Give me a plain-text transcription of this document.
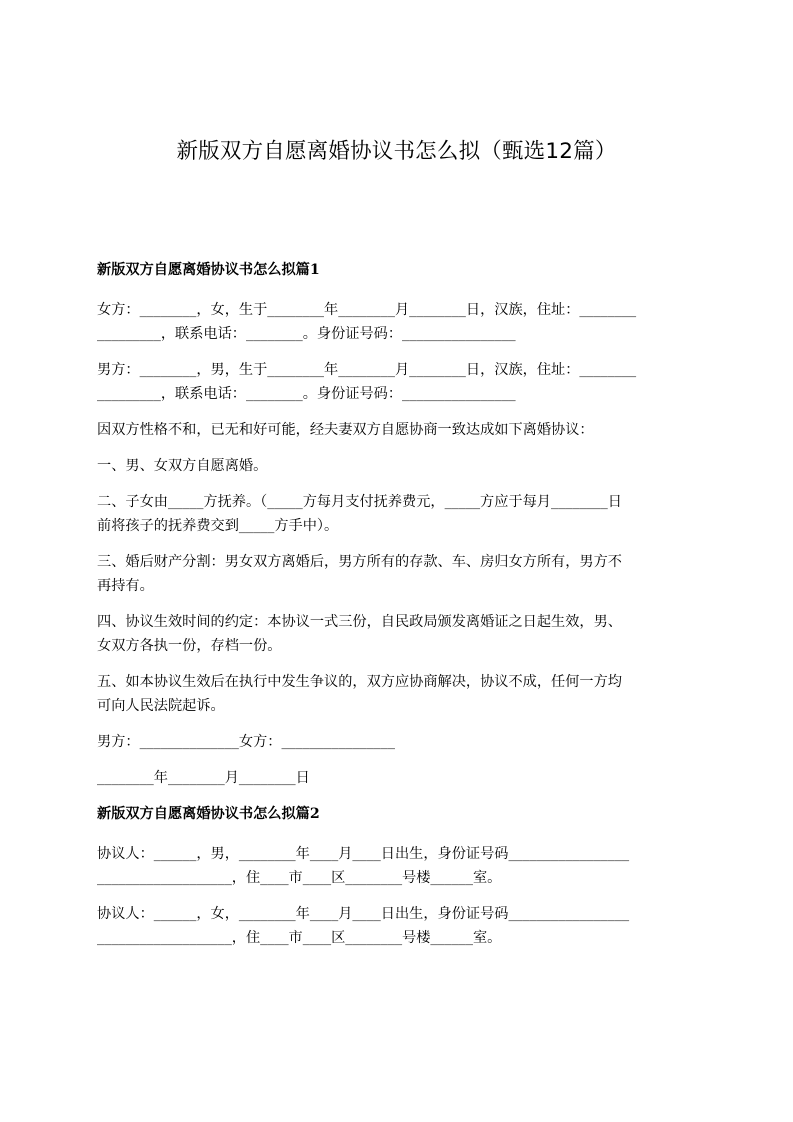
新版双方自愿离婚协议书怎么拟（甄选12篇）

新版双方自愿离婚协议书怎么拟篇1

女方：________，女，生于________年________月________日，汉族，住址：________
_________，联系电话：________。身份证号码：________________

男方：________，男，生于________年________月________日，汉族，住址：________
_________，联系电话：________。身份证号码：________________

因双方性格不和，已无和好可能，经夫妻双方自愿协商一致达成如下离婚协议：

一、男、女双方自愿离婚。

二、子女由_____方抚养。（_____方每月支付抚养费元，_____方应于每月________日
前将孩子的抚养费交到_____方手中）。

三、婚后财产分割：男女双方离婚后，男方所有的存款、车、房归女方所有，男方不
再持有。

四、协议生效时间的约定：本协议一式三份，自民政局颁发离婚证之日起生效，男、
女双方各执一份，存档一份。

五、如本协议生效后在执行中发生争议的，双方应协商解决，协议不成，任何一方均
可向人民法院起诉。

男方：______________女方：________________

________年________月________日

新版双方自愿离婚协议书怎么拟篇2

协议人：______，男，________年____月____日出生，身份证号码_________________
___________________，住____市____区________号楼______室。

协议人：______，女，________年____月____日出生，身份证号码_________________
___________________，住____市____区________号楼______室。
